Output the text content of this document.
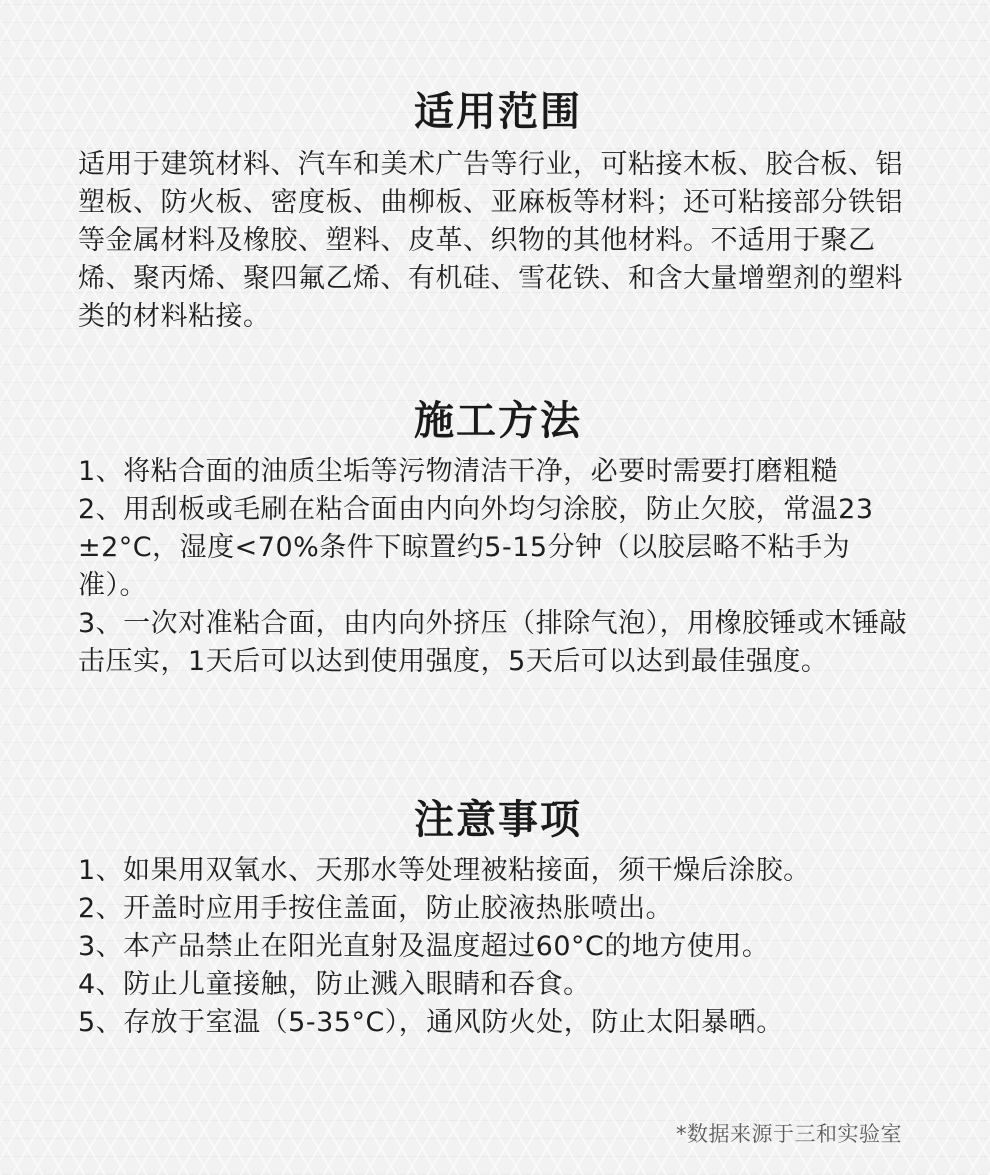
适用范围

适用于建筑材料、汽车和美术广告等行业，可粘接木板、胶合板、铝塑板、防火板、密度板、曲柳板、亚麻板等材料；还可粘接部分铁铝等金属材料及橡胶、塑料、皮革、织物的其他材料。不适用于聚乙烯、聚丙烯、聚四氟乙烯、有机硅、雪花铁、和含大量增塑剂的塑料类的材料粘接。

施工方法
1、将粘合面的油质尘垢等污物清洁干净，必要时需要打磨粗糙
2、用刮板或毛刷在粘合面由内向外均匀涂胶，防止欠胶，常温23±2°C，湿度<70%条件下晾置约5-15分钟（以胶层略不粘手为准）。
3、一次对准粘合面，由内向外挤压（排除气泡），用橡胶锤或木锤敲击压实，1天后可以达到使用强度，5天后可以达到最佳强度。
注意事项
1、如果用双氧水、天那水等处理被粘接面，须干燥后涂胶。
2、开盖时应用手按住盖面，防止胶液热胀喷出。
3、本产品禁止在阳光直射及温度超过60°C的地方使用。
4、防止儿童接触，防止溅入眼睛和吞食。
5、存放于室温（5-35°C），通风防火处，防止太阳暴晒。
*数据来源于三和实验室
